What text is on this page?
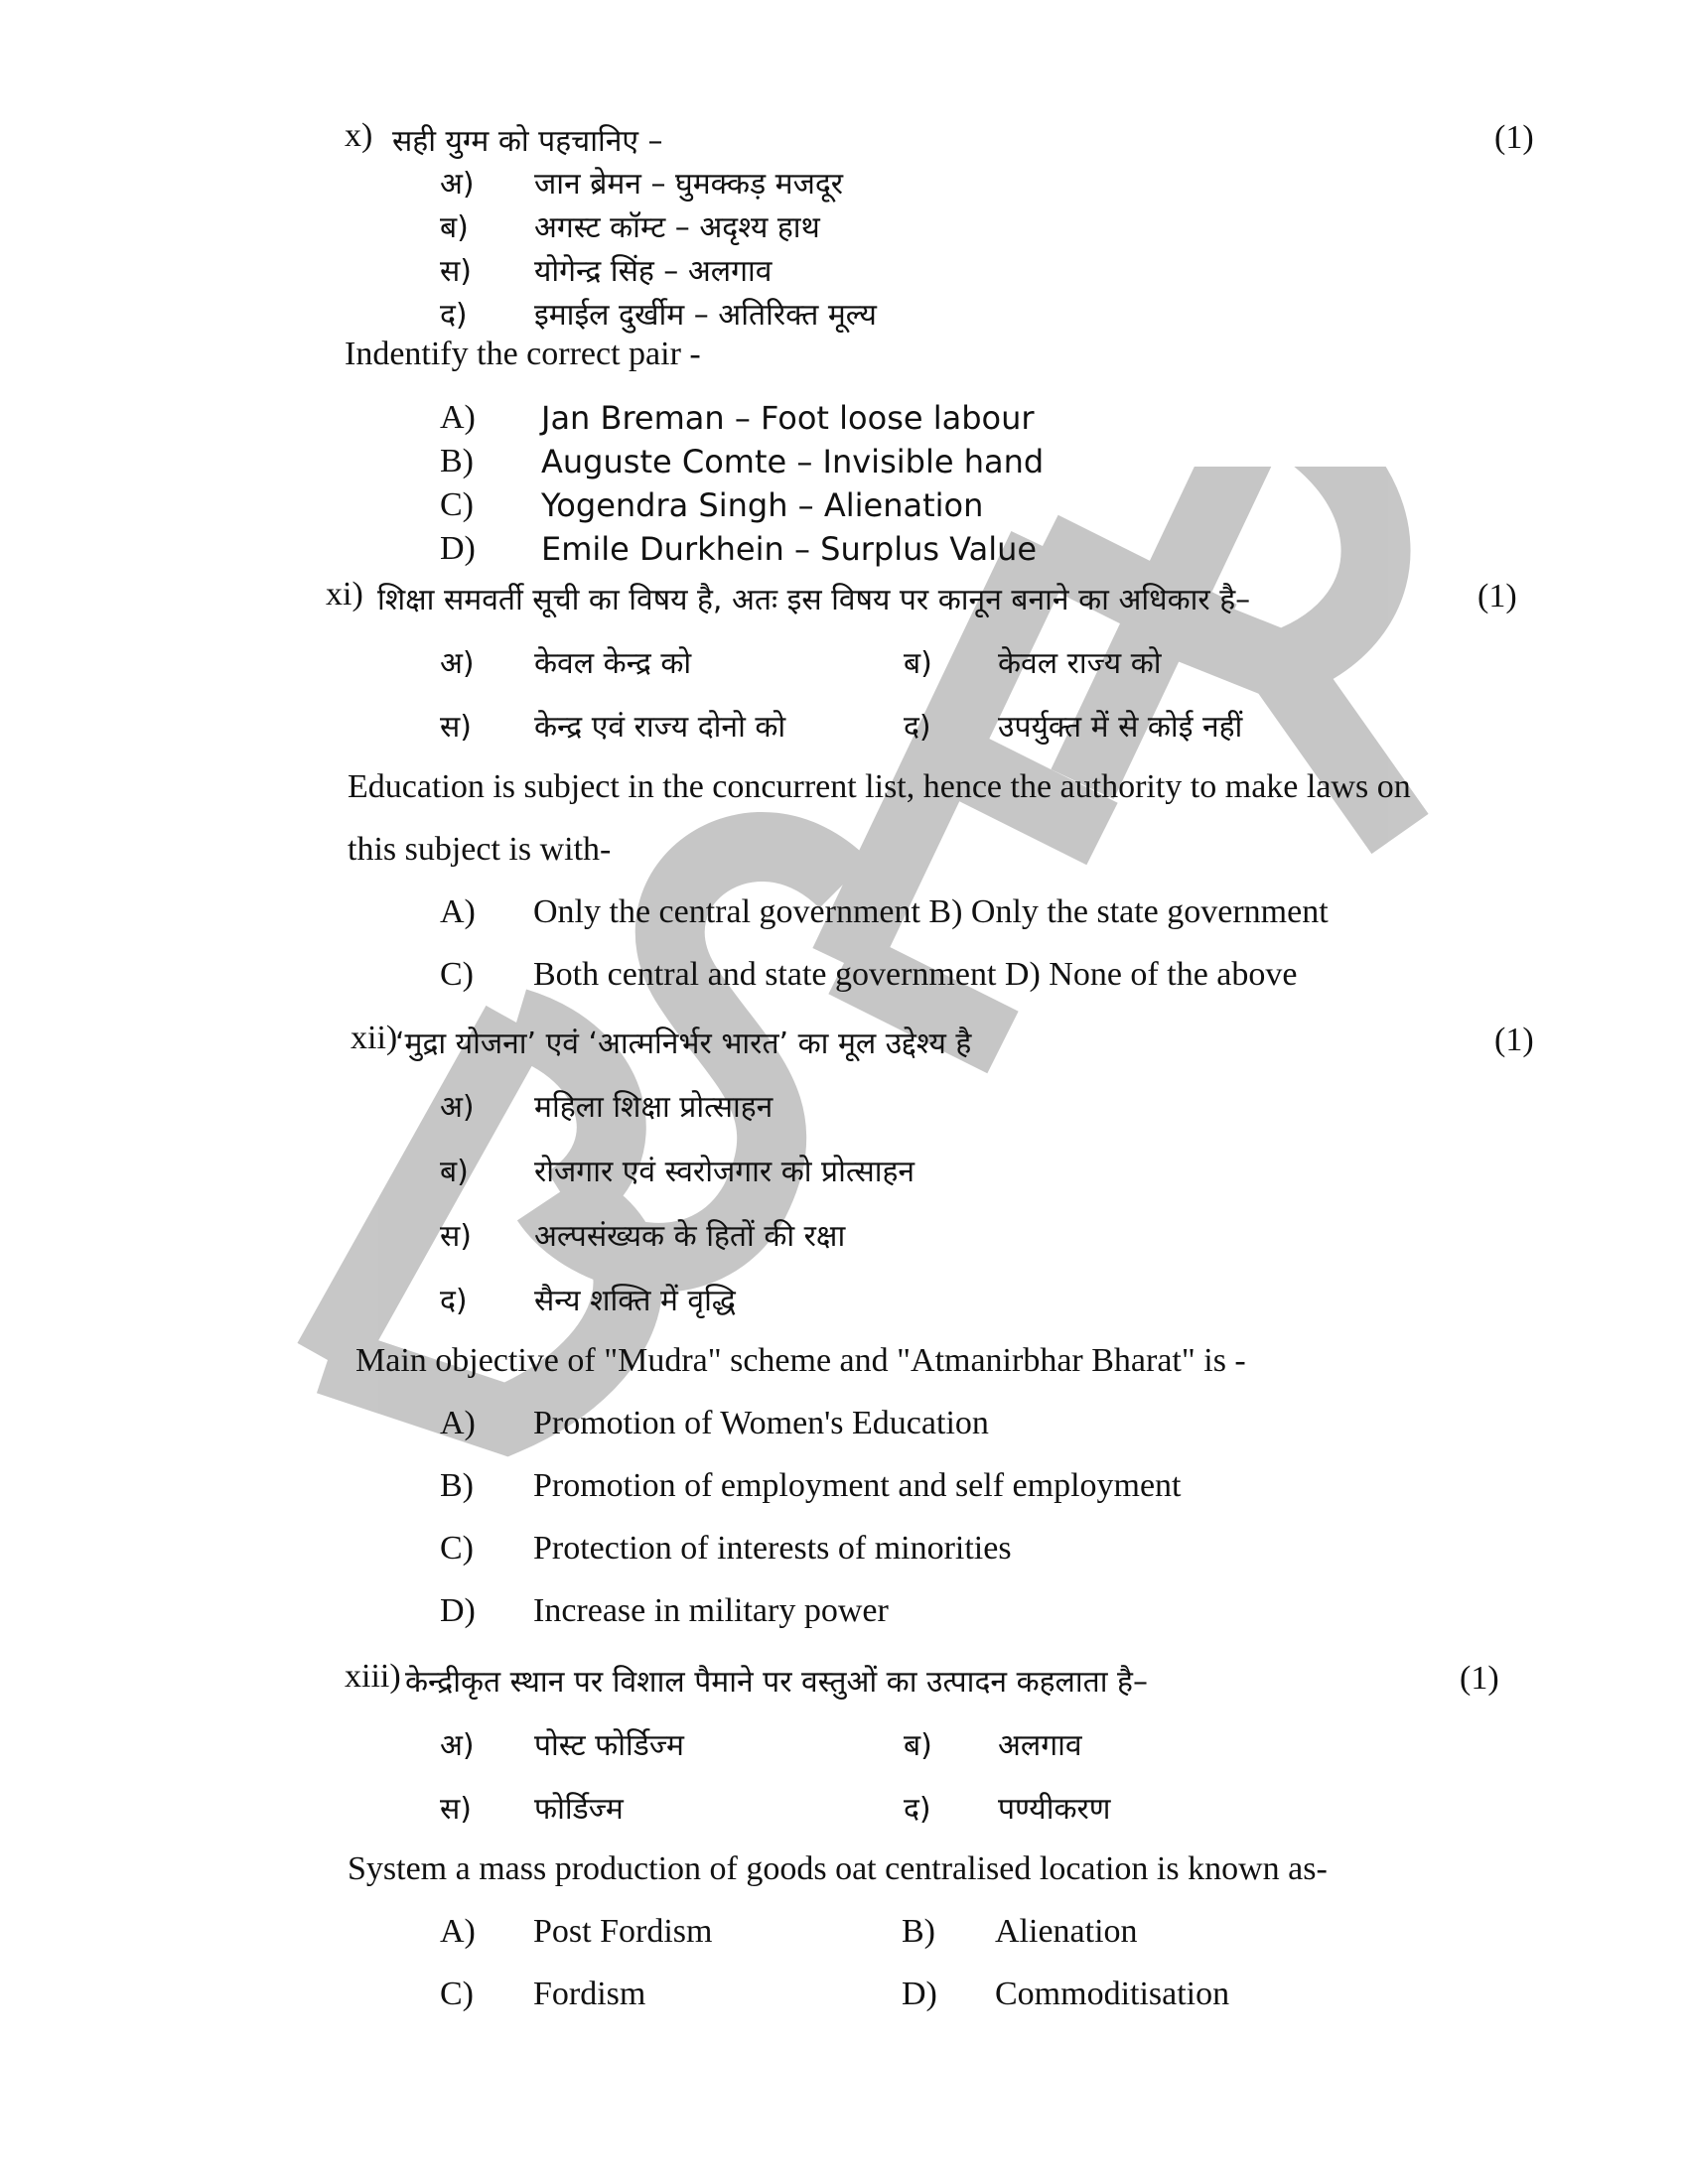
x) सही युग्म को पहचानिए –	(1)
अ) जान ब्रेमन – घुमक्कड़ मजदूर
ब) अगस्ट कॉम्ट – अदृश्य हाथ
स) योगेन्द्र सिंह – अलगाव
द) इमाईल दुर्खीम – अतिरिक्त मूल्य
Indentify the correct pair -
A) Jan Breman – Foot loose labour
B) Auguste Comte – Invisible hand
C) Yogendra Singh – Alienation
D) Emile Durkhein – Surplus Value
xi) शिक्षा समवर्ती सूची का विषय है, अतः इस विषय पर कानून बनाने का अधिकार है–	(1)
अ) केवल केन्द्र को	ब) केवल राज्य को
स) केन्द्र एवं राज्य दोनो को	द) उपर्युक्त में से कोई नहीं
Education is subject in the concurrent list, hence the authority to make laws on
this subject is with-
A) Only the central government B) Only the state government
C) Both central and state government D) None of the above
xii)
‘मुद्रा योजना’ एवं ‘आत्मनिर्भर भारत’ का मूल उद्देश्य है	(1)
अ) महिला शिक्षा प्रोत्साहन
ब) रोजगार एवं स्वरोजगार को प्रोत्साहन
स) अल्पसंख्यक के हितों की रक्षा
द) सैन्य शक्ति में वृद्धि
Main objective of "Mudra" scheme and "Atmanirbhar Bharat" is -
A) Promotion of Women's Education
B) Promotion of employment and self employment
C) Protection of interests of minorities
D) Increase in military power
xiii) केन्द्रीकृत स्थान पर विशाल पैमाने पर वस्तुओं का उत्पादन कहलाता है–	(1)
अ) पोस्ट फोर्डिज्म	ब) अलगाव
स) फोर्डिज्म	द) पण्यीकरण
System a mass production of goods oat centralised location is known as-
A) Post Fordism	B) Alienation
C) Fordism	D) Commoditisation
